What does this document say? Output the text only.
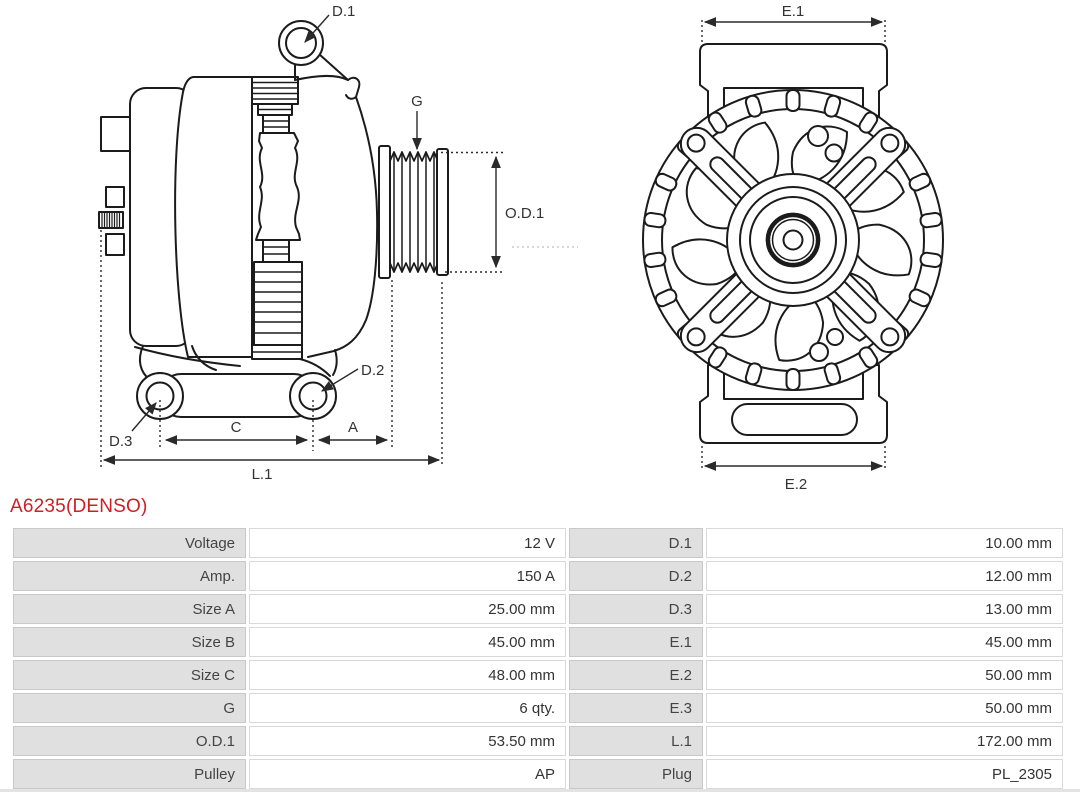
D.1
G
O.D.1
D.2
D.3
C	A
L.1
E.1
E.2
A6235(DENSO)
Voltage	12 V	D.1	10.00 mm
Amp.	150 A	D.2	12.00 mm
Size A	25.00 mm	D.3	13.00 mm
Size B	45.00 mm	E.1	45.00 mm
Size C	48.00 mm	E.2	50.00 mm
G	6 qty.	E.3	50.00 mm
O.D.1	53.50 mm	L.1	172.00 mm
Pulley	AP	Plug	PL_2305
